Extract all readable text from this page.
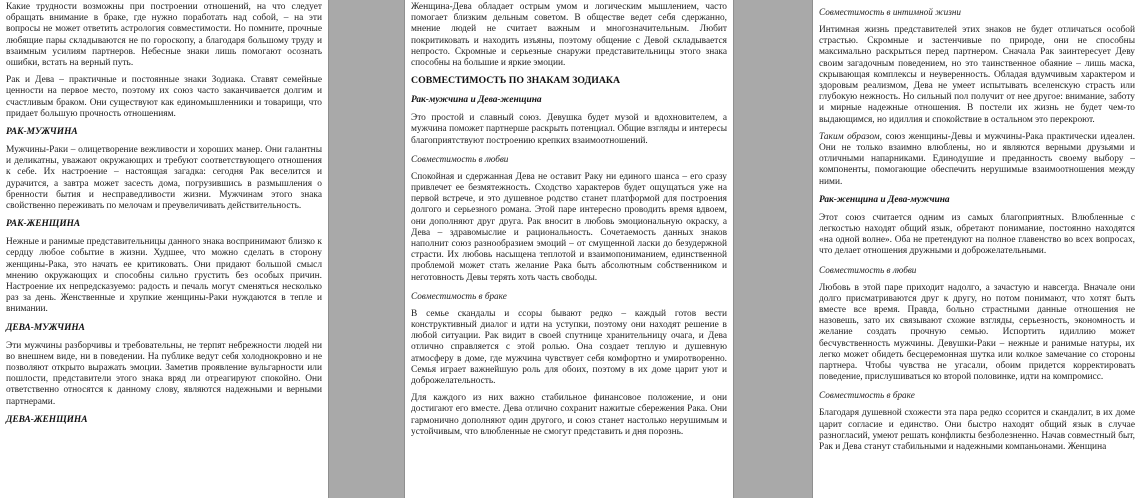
Какие трудности возможны при построении отношений, на что следует обращать внимание в браке, где нужно поработать над собой, – на эти вопросы не может ответить астрология совместимости. Но помните, прочные любящие пары складываются не по гороскопу, а благодаря большому труду и взаимным усилиям партнеров. Небесные знаки лишь помогают осознать ошибки, встать на верный путь.
Рак и Дева – практичные и постоянные знаки Зодиака. Ставят семейные ценности на первое место, поэтому их союз часто заканчивается долгим и счастливым браком. Они существуют как единомышленники и товарищи, что придает большую прочность отношениям.
РАК-МУЖЧИНА
Мужчины-Раки – олицетворение вежливости и хороших манер. Они галантны и деликатны, уважают окружающих и требуют соответствующего отношения к себе. Их настроение – настоящая загадка: сегодня Рак веселится и дурачится, а завтра может засесть дома, погрузившись в размышления о бренности бытия и несправедливости жизни. Мужчинам этого знака свойственно переживать по мелочам и преувеличивать действительность.
РАК-ЖЕНЩИНА
Нежные и ранимые представительницы данного знака воспринимают близко к сердцу любое событие в жизни. Худшее, что можно сделать в сторону женщины-Рака, это начать ее критиковать. Они придают большой смысл мнению окружающих и способны сильно грустить без особых причин. Настроение их непредсказуемо: радость и печаль могут сменяться несколько раз за день. Женственные и хрупкие женщины-Раки нуждаются в тепле и внимании.
ДЕВА-МУЖЧИНА
Эти мужчины разборчивы и требовательны, не терпят небрежности людей ни во внешнем виде, ни в поведении. На публике ведут себя холоднокровно и не позволяют открыто выражать эмоции. Заметив проявление вульгарности или пошлости, представители этого знака вряд ли отреагируют спокойно. Они ответственно относятся к данному слову, являются надежными и верными партнерами.
ДЕВА-ЖЕНЩИНА
Женщина-Дева обладает острым умом и логическим мышлением, часто помогает близким дельным советом. В обществе ведет себя сдержанно, мнение людей не считает важным и многозначительным. Любит покритиковать и находить изъяны, поэтому общение с Девой складывается непросто. Скромные и серьезные снаружи представительницы этого знака способны на большие и яркие эмоции.
СОВМЕСТИМОСТЬ ПО ЗНАКАМ ЗОДИАКА
Рак-мужчина и Дева-женщина
Это простой и славный союз. Девушка будет музой и вдохновителем, а мужчина поможет партнерше раскрыть потенциал. Общие взгляды и интересы благоприятствуют построению крепких взаимоотношений.
Совместимость в любви
Спокойная и сдержанная Дева не оставит Раку ни единого шанса – его сразу привлечет ее безмятежность. Сходство характеров будет ощущаться уже на первой встрече, и это душевное родство станет платформой для построения долгого и серьезного романа. Этой паре интересно проводить время вдвоем, они дополняют друг друга. Рак вносит в любовь эмоциональную окраску, а Дева – здравомыслие и рациональность. Сочетаемость данных знаков наполнит союз разнообразием эмоций – от смущенной ласки до безудержной страсти. Их любовь насыщена теплотой и взаимопониманием, единственной проблемой может стать желание Рака быть абсолютным собственником и неготовность Девы терять хоть часть свободы.
Совместимость в браке
В семье скандалы и ссоры бывают редко – каждый готов вести конструктивный диалог и идти на уступки, поэтому они находят решение в любой ситуации. Рак видит в своей спутнице хранительницу очага, и Дева отлично справляется с этой ролью. Она создает теплую и душевную атмосферу в доме, где мужчина чувствует себя комфортно и умиротворенно. Семья играет важнейшую роль для обоих, поэтому в их доме царит уют и доброжелательность.
Для каждого из них важно стабильное финансовое положение, и они достигают его вместе. Дева отлично сохранит нажитые сбережения Рака. Они гармонично дополняют один другого, и союз станет настолько нерушимым и устойчивым, что влюбленные не смогут представить и дня порознь.
Совместимость в интимной жизни
Интимная жизнь представителей этих знаков не будет отличаться особой страстью. Скромные и застенчивые по природе, они не способны максимально раскрыться перед партнером. Сначала Рак заинтересует Деву своим загадочным поведением, но это таинственное обаяние – лишь маска, скрывающая комплексы и неуверенность. Обладая вдумчивым характером и здоровым реализмом, Дева не умеет испытывать вселенскую страсть или глубокую нежность. Но сильный пол получит от нее другое: внимание, заботу и мирные надежные отношения. В постели их жизнь не будет чем-то выдающимся, но идиллия и спокойствие в остальном это перекроют.
Таким образом, союз женщины-Девы и мужчины-Рака практически идеален. Они не только взаимно влюблены, но и являются верными друзьями и отличными напарниками. Единодушие и преданность своему выбору – компоненты, помогающие обеспечить нерушимые взаимоотношения между ними.
Рак-женщина и Дева-мужчина
Этот союз считается одним из самых благоприятных. Влюбленные с легкостью находят общий язык, обретают понимание, постоянно находятся «на одной волне». Оба не претендуют на полное главенство во всех вопросах, что делает отношения дружными и доброжелательными.
Совместимость в любви
Любовь в этой паре приходит надолго, а зачастую и навсегда. Вначале они долго присматриваются друг к другу, но потом понимают, что хотят быть вместе все время. Правда, больно страстными данные отношения не назовешь, зато их связывают схожие взгляды, серьезность, экономность и желание создать прочную семью. Испортить идиллию может бесчувственность мужчины. Девушки-Раки – нежные и ранимые натуры, их легко может обидеть бесцеремонная шутка или колкое замечание со стороны партнера. Чтобы чувства не угасали, обоим придется корректировать поведение, прислушиваться ко второй половинке, идти на компромисс.
Совместимость в браке
Благодаря душевной схожести эта пара редко ссорится и скандалит, в их доме царит согласие и единство. Они быстро находят общий язык в случае разногласий, умеют решать конфликты безболезненно. Начав совместный быт, Рак и Дева станут стабильными и надежными компаньонами. Женщина
